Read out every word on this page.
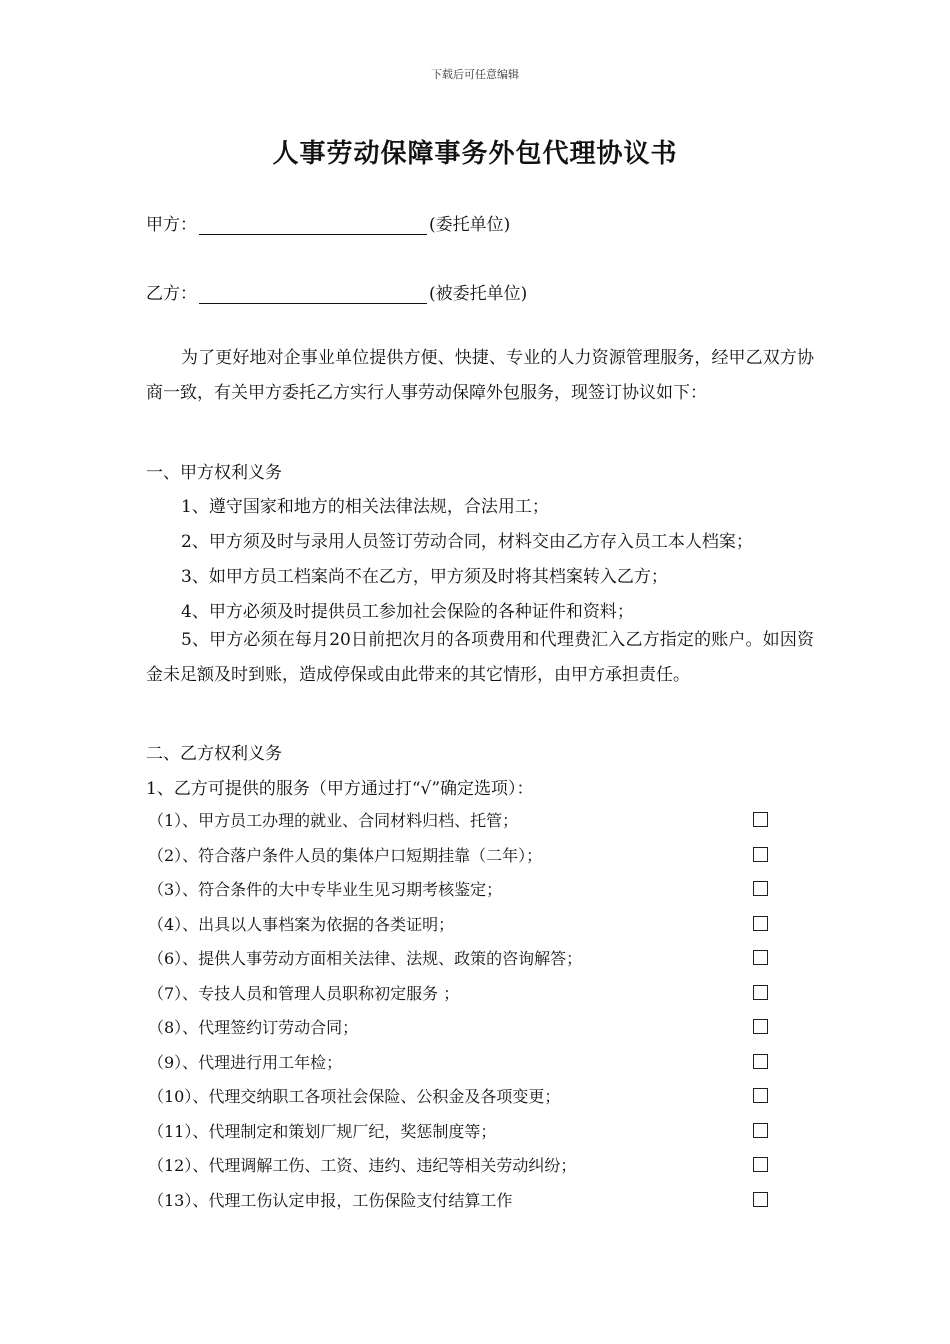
下载后可任意编辑
人事劳动保障事务外包代理协议书
甲方：	(委托单位)
乙方：	(被委托单位)
为了更好地对企事业单位提供方便、快捷、专业的人力资源管理服务，经甲乙双方协商一致，有关甲方委托乙方实行人事劳动保障外包服务，现签订协议如下：
一、甲方权利义务
1、遵守国家和地方的相关法律法规，合法用工；
2、甲方须及时与录用人员签订劳动合同，材料交由乙方存入员工本人档案；
3、如甲方员工档案尚不在乙方，甲方须及时将其档案转入乙方；
4、甲方必须及时提供员工参加社会保险的各种证件和资料；
5、甲方必须在每月20日前把次月的各项费用和代理费汇入乙方指定的账户。如因资金未足额及时到账，造成停保或由此带来的其它情形，由甲方承担责任。
二、乙方权利义务
1、乙方可提供的服务（甲方通过打“√”确定选项）：
（1）、甲方员工办理的就业、合同材料归档、托管；
（2）、符合落户条件人员的集体户口短期挂靠（二年）；
（3）、符合条件的大中专毕业生见习期考核鉴定；
（4）、出具以人事档案为依据的各类证明；
（6）、提供人事劳动方面相关法律、法规、政策的咨询解答；
（7）、专技人员和管理人员职称初定服务 ；
（8）、代理签约订劳动合同；
（9）、代理进行用工年检；
（10）、代理交纳职工各项社会保险、公积金及各项变更；
（11）、代理制定和策划厂规厂纪，奖惩制度等；
（12）、代理调解工伤、工资、违约、违纪等相关劳动纠纷；
（13）、代理工伤认定申报，工伤保险支付结算工作
